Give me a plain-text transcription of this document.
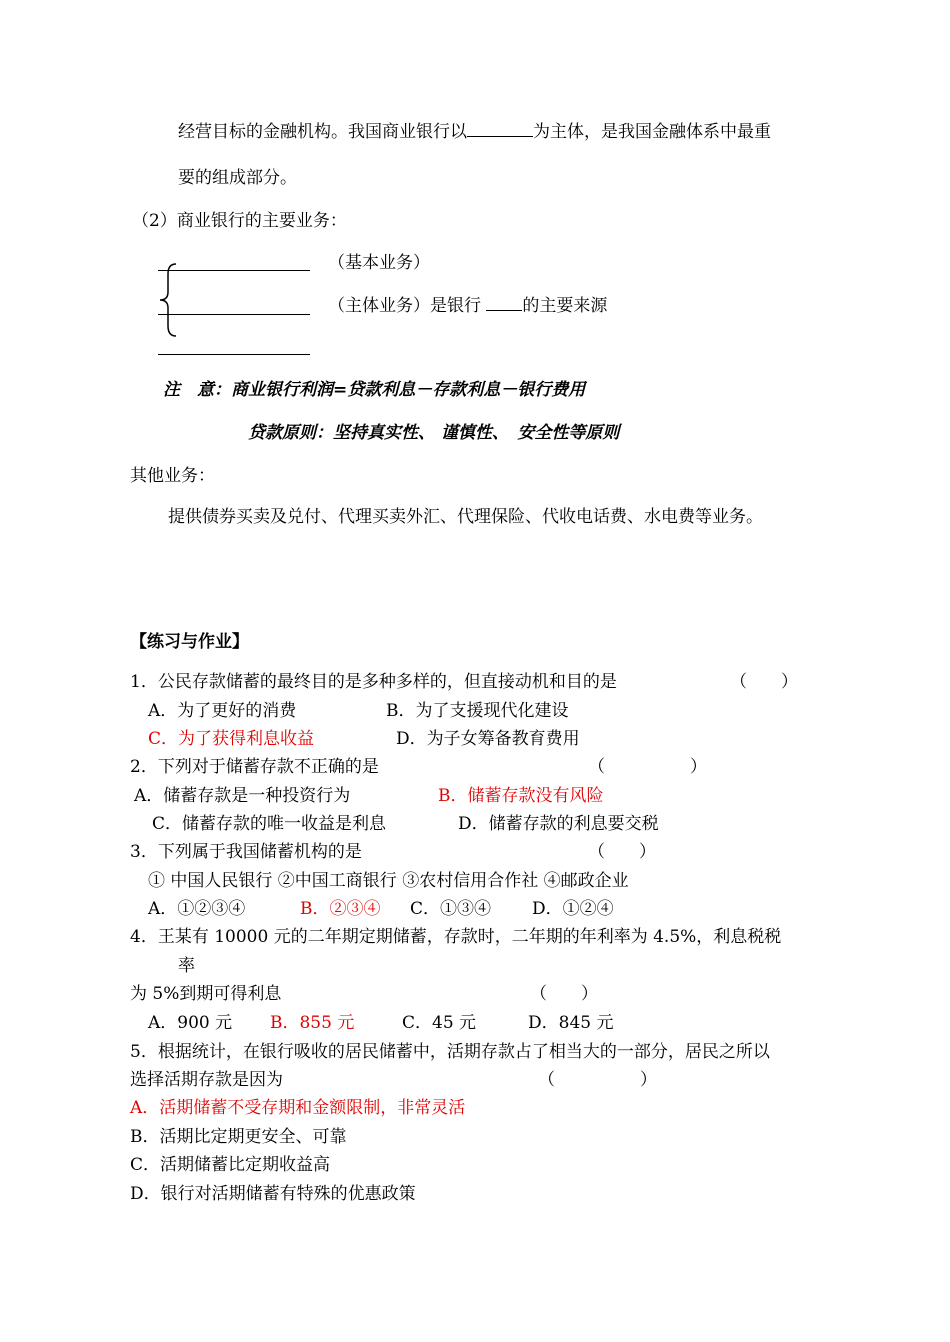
经营目标的金融机构。我国商业银行以	为主体，是我国金融体系中最重
要的组成部分。
（2）商业银行的主要业务：
（基本业务）
（主体业务）是银行 的主要来源
注　意：商业银行利润=贷款利息－存款利息－银行费用
贷款原则：坚持真实性、 谨慎性、　安全性等原则
其他业务：
提供债券买卖及兑付、代理买卖外汇、代理保险、代收电话费、水电费等业务。
【练习与作业】
1．公民存款储蓄的最终目的是多种多样的，但直接动机和目的是	（　　）
A．为了更好的消费	B．为了支援现代化建设
C．为了获得利息收益	D．为子女筹备教育费用
2．下列对于储蓄存款不正确的是	（　　　　　）
A．储蓄存款是一种投资行为	B．储蓄存款没有风险
C．储蓄存款的唯一收益是利息	D．储蓄存款的利息要交税
3．下列属于我国储蓄机构的是	（　　）
① 中国人民银行 ②中国工商银行 ③农村信用合作社 ④邮政企业
A．①②③④	B．②③④ C．①③④ D．①②④
4．王某有 10000 元的二年期定期储蓄，存款时，二年期的年利率为 4.5%，利息税税
率
为 5%到期可得利息	（　　）
A．900 元 B．855 元	C．45 元	D．845 元
5．根据统计，在银行吸收的居民储蓄中，活期存款占了相当大的一部分，居民之所以
选择活期存款是因为	（　　　　　）
A．活期储蓄不受存期和金额限制，非常灵活
B．活期比定期更安全、可靠
C．活期储蓄比定期收益高
D．银行对活期储蓄有特殊的优惠政策
